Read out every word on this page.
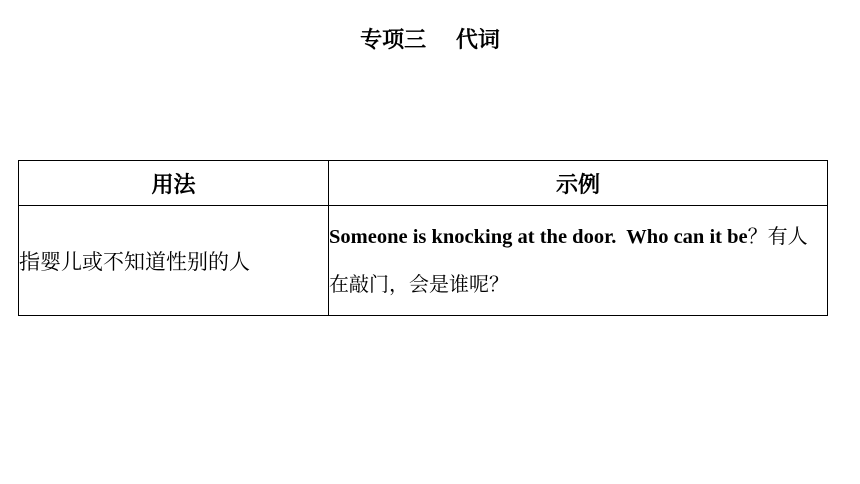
专项三　 代词
用法	示例
指婴儿或不知道性别的人	Someone is knocking at the door.  Who can it be？有人在敲门，会是谁呢？
